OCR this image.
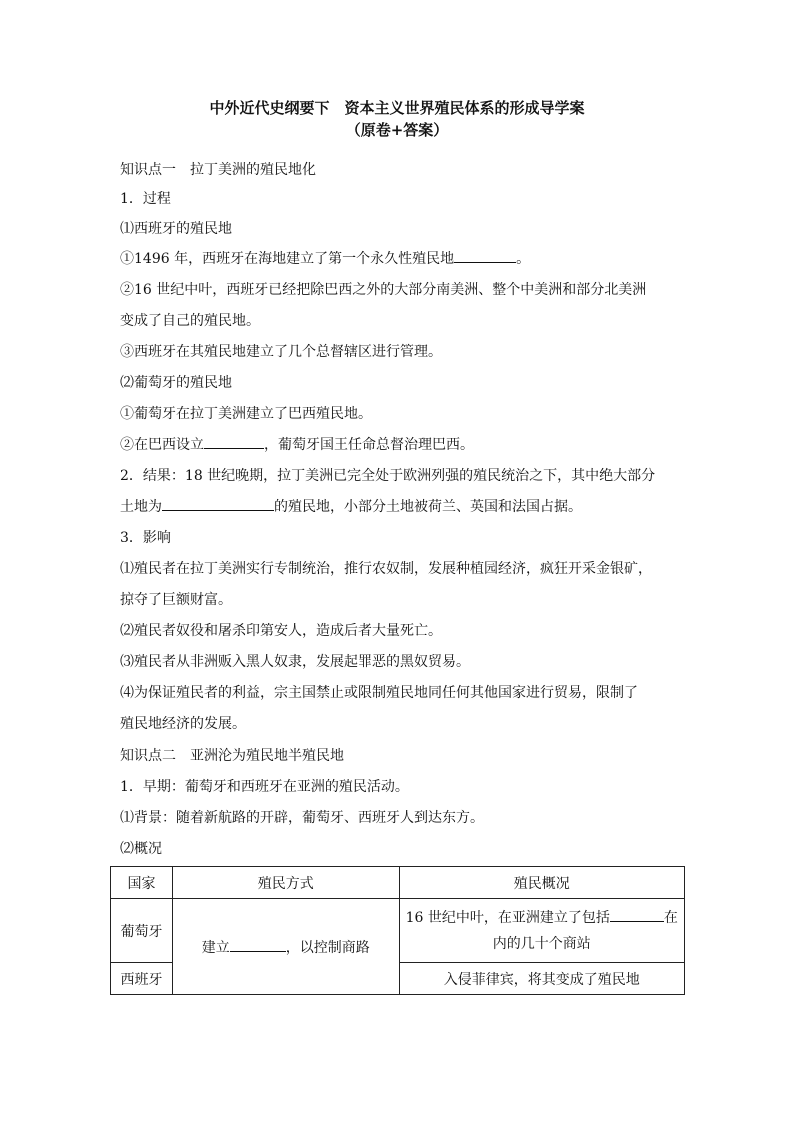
中外近代史纲要下　资本主义世界殖民体系的形成导学案
（原卷+答案）
知识点一　拉丁美洲的殖民地化
1．过程
⑴西班牙的殖民地
①1496 年，西班牙在海地建立了第一个永久性殖民地	。
②16 世纪中叶，西班牙已经把除巴西之外的大部分南美洲、整个中美洲和部分北美洲
变成了自己的殖民地。
③西班牙在其殖民地建立了几个总督辖区进行管理。
⑵葡萄牙的殖民地
①葡萄牙在拉丁美洲建立了巴西殖民地。
②在巴西设立	，葡萄牙国王任命总督治理巴西。
2．结果：18 世纪晚期，拉丁美洲已完全处于欧洲列强的殖民统治之下，其中绝大部分
土地为	的殖民地，小部分土地被荷兰、英国和法国占据。
3．影响
⑴殖民者在拉丁美洲实行专制统治，推行农奴制，发展种植园经济，疯狂开采金银矿，
掠夺了巨额财富。
⑵殖民者奴役和屠杀印第安人，造成后者大量死亡。
⑶殖民者从非洲贩入黑人奴隶，发展起罪恶的黑奴贸易。
⑷为保证殖民者的利益，宗主国禁止或限制殖民地同任何其他国家进行贸易，限制了
殖民地经济的发展。
知识点二　亚洲沦为殖民地半殖民地
1．早期：葡萄牙和西班牙在亚洲的殖民活动。
⑴背景：随着新航路的开辟，葡萄牙、西班牙人到达东方。
⑵概况
国家	殖民方式	殖民概况
葡萄牙	建立 ，以控制商路	16 世纪中叶，在亚洲建立了包括 在
内的几十个商站
西班牙		入侵菲律宾，将其变成了殖民地
